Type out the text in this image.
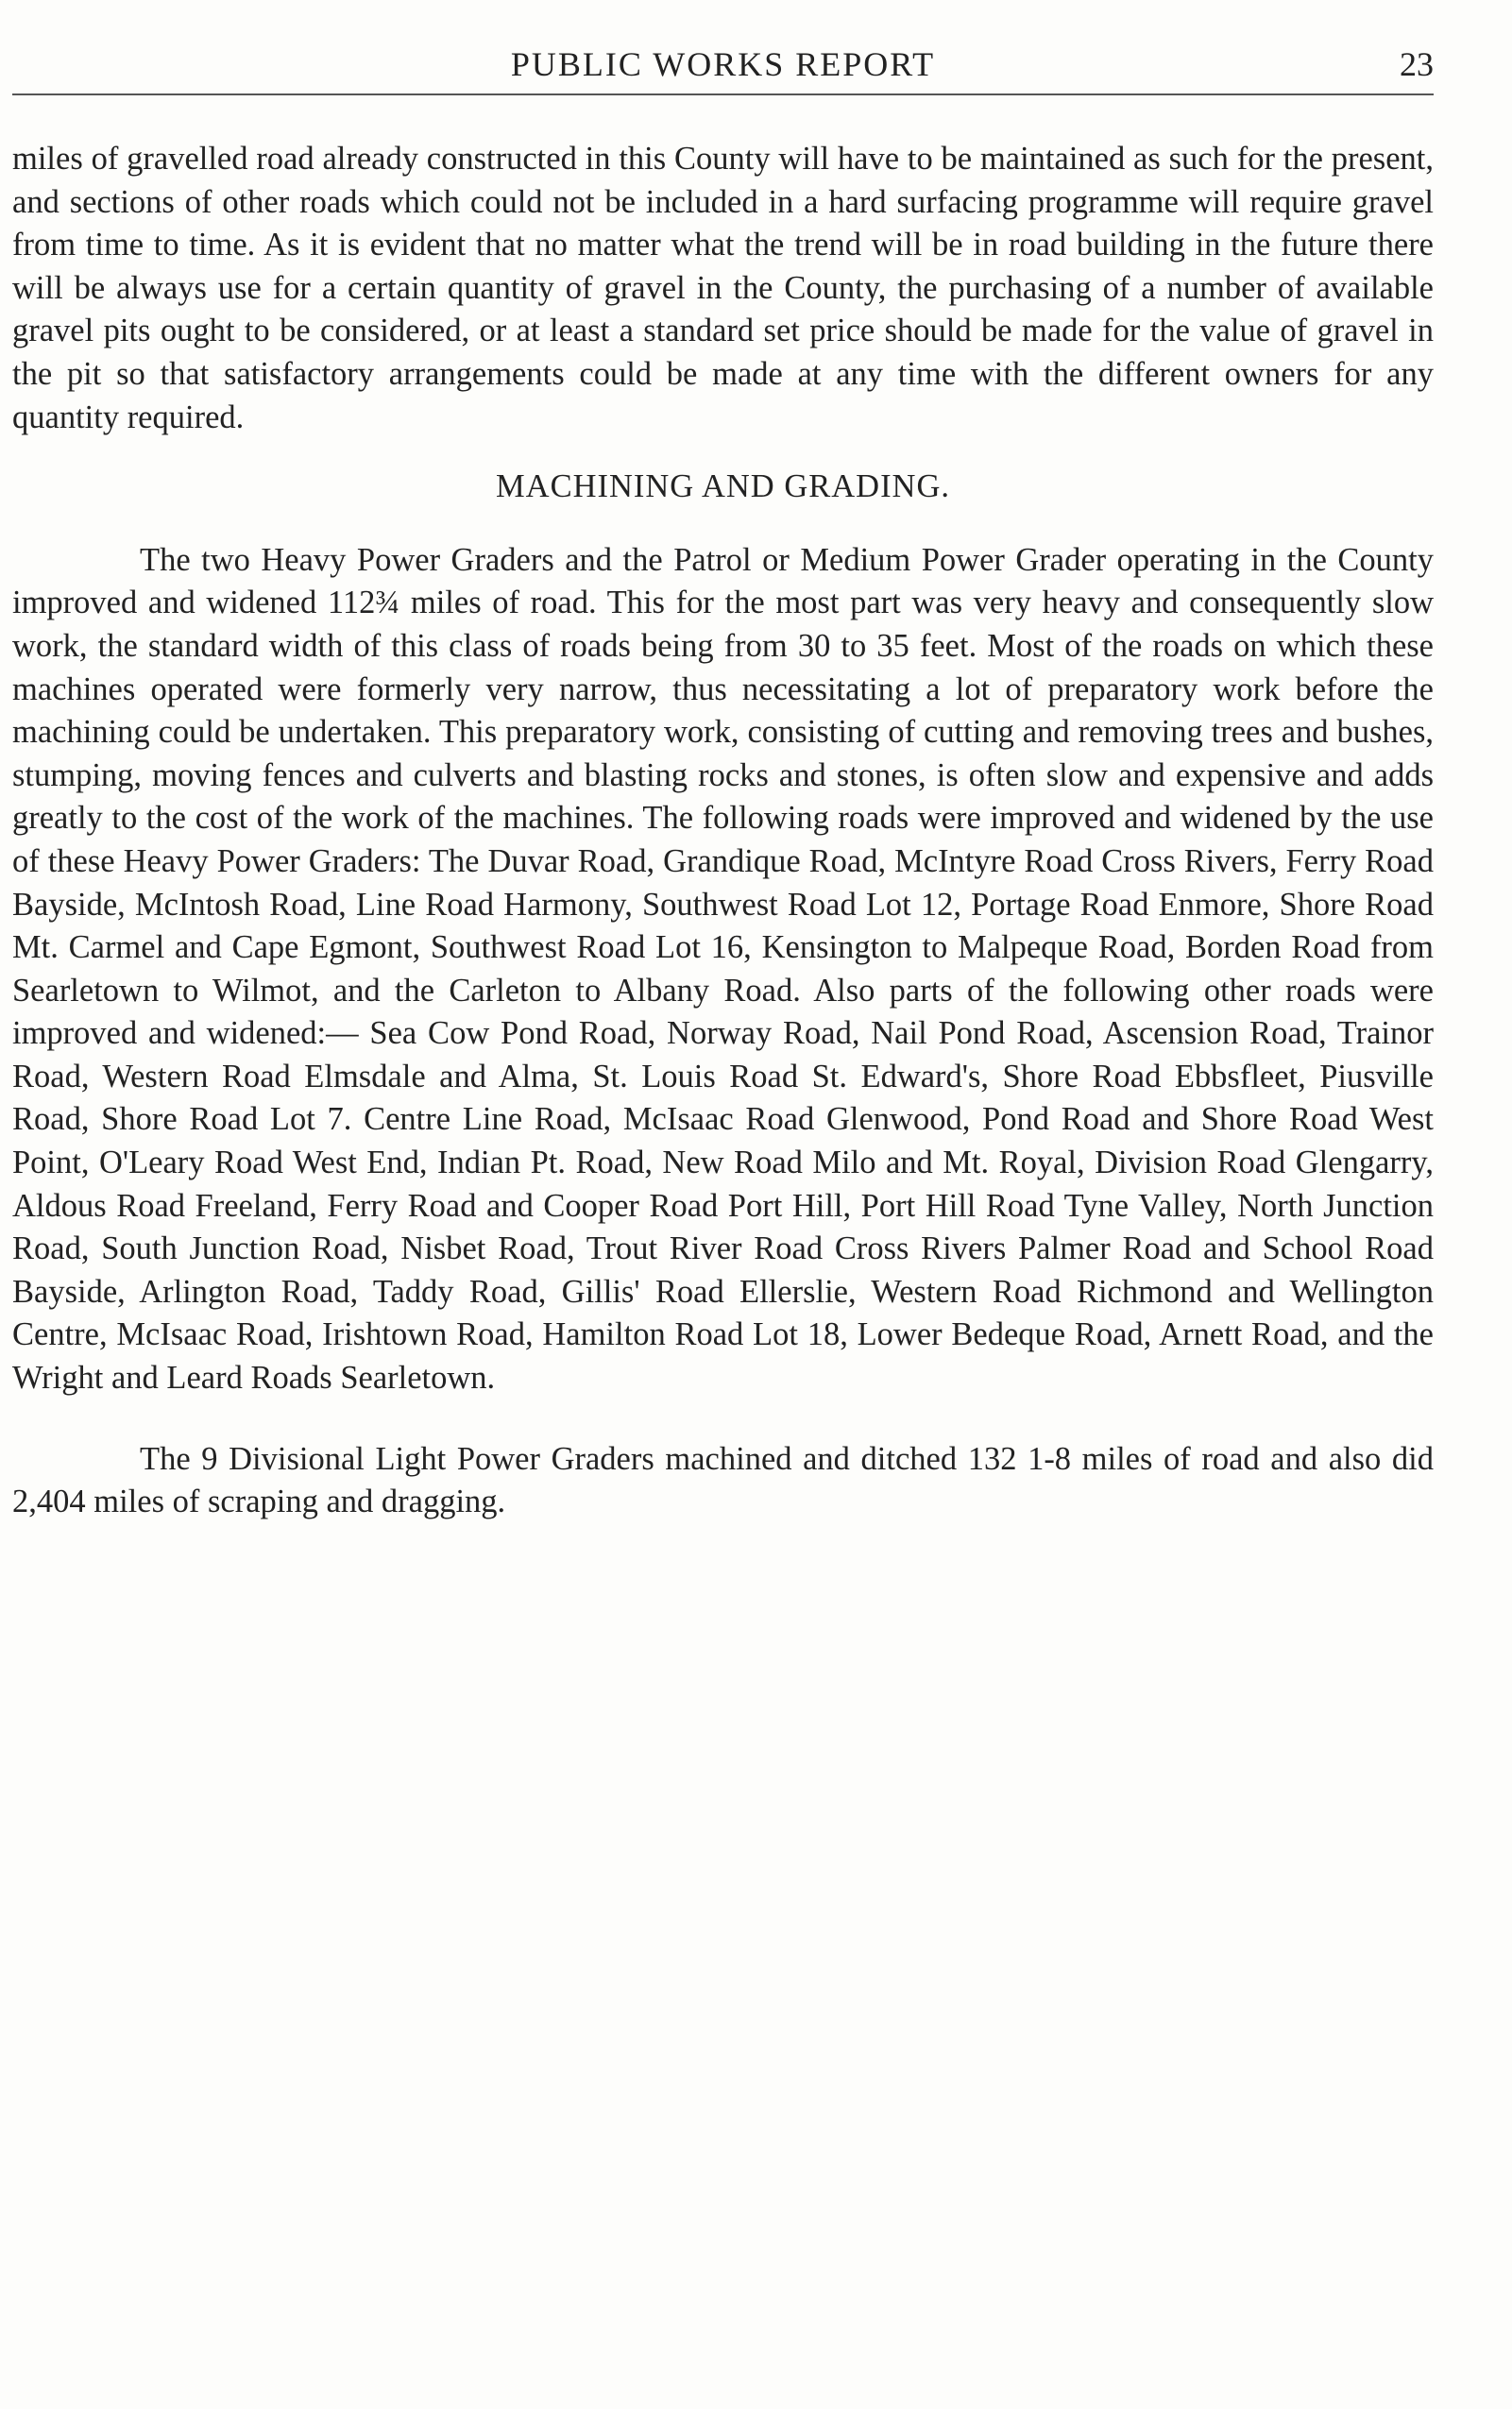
PUBLIC WORKS REPORT	23

miles of gravelled road already constructed in this County will have to be maintained as such for the present, and sections of other roads which could not be included in a hard surfacing programme will require gravel from time to time. As it is evident that no matter what the trend will be in road building in the future there will be always use for a certain quantity of gravel in the County, the purchasing of a number of available gravel pits ought to be considered, or at least a standard set price should be made for the value of gravel in the pit so that satisfactory arrangements could be made at any time with the different owners for any quantity required.

MACHINING AND GRADING.

The two Heavy Power Graders and the Patrol or Medium Power Grader operating in the County improved and widened 112¾ miles of road. This for the most part was very heavy and consequently slow work, the standard width of this class of roads being from 30 to 35 feet. Most of the roads on which these machines operated were formerly very narrow, thus necessitating a lot of preparatory work before the machining could be undertaken. This preparatory work, consisting of cutting and removing trees and bushes, stumping, moving fences and culverts and blasting rocks and stones, is often slow and expensive and adds greatly to the cost of the work of the machines. The following roads were improved and widened by the use of these Heavy Power Graders: The Duvar Road, Grandique Road, McIntyre Road Cross Rivers, Ferry Road Bayside, McIntosh Road, Line Road Harmony, Southwest Road Lot 12, Portage Road Enmore, Shore Road Mt. Carmel and Cape Egmont, Southwest Road Lot 16, Kensington to Malpeque Road, Borden Road from Searletown to Wilmot, and the Carleton to Albany Road. Also parts of the following other roads were improved and widened:— Sea Cow Pond Road, Norway Road, Nail Pond Road, Ascension Road, Trainor Road, Western Road Elmsdale and Alma, St. Louis Road St. Edward's, Shore Road Ebbsfleet, Piusville Road, Shore Road Lot 7. Centre Line Road, McIsaac Road Glenwood, Pond Road and Shore Road West Point, O'Leary Road West End, Indian Pt. Road, New Road Milo and Mt. Royal, Division Road Glengarry, Aldous Road Freeland, Ferry Road and Cooper Road Port Hill, Port Hill Road Tyne Valley, North Junction Road, South Junction Road, Nisbet Road, Trout River Road Cross Rivers Palmer Road and School Road Bayside, Arlington Road, Taddy Road, Gillis' Road Ellerslie, Western Road Richmond and Wellington Centre, McIsaac Road, Irishtown Road, Hamilton Road Lot 18, Lower Bedeque Road, Arnett Road, and the Wright and Leard Roads Searletown.

The 9 Divisional Light Power Graders machined and ditched 132 1-8 miles of road and also did 2,404 miles of scraping and dragging.
